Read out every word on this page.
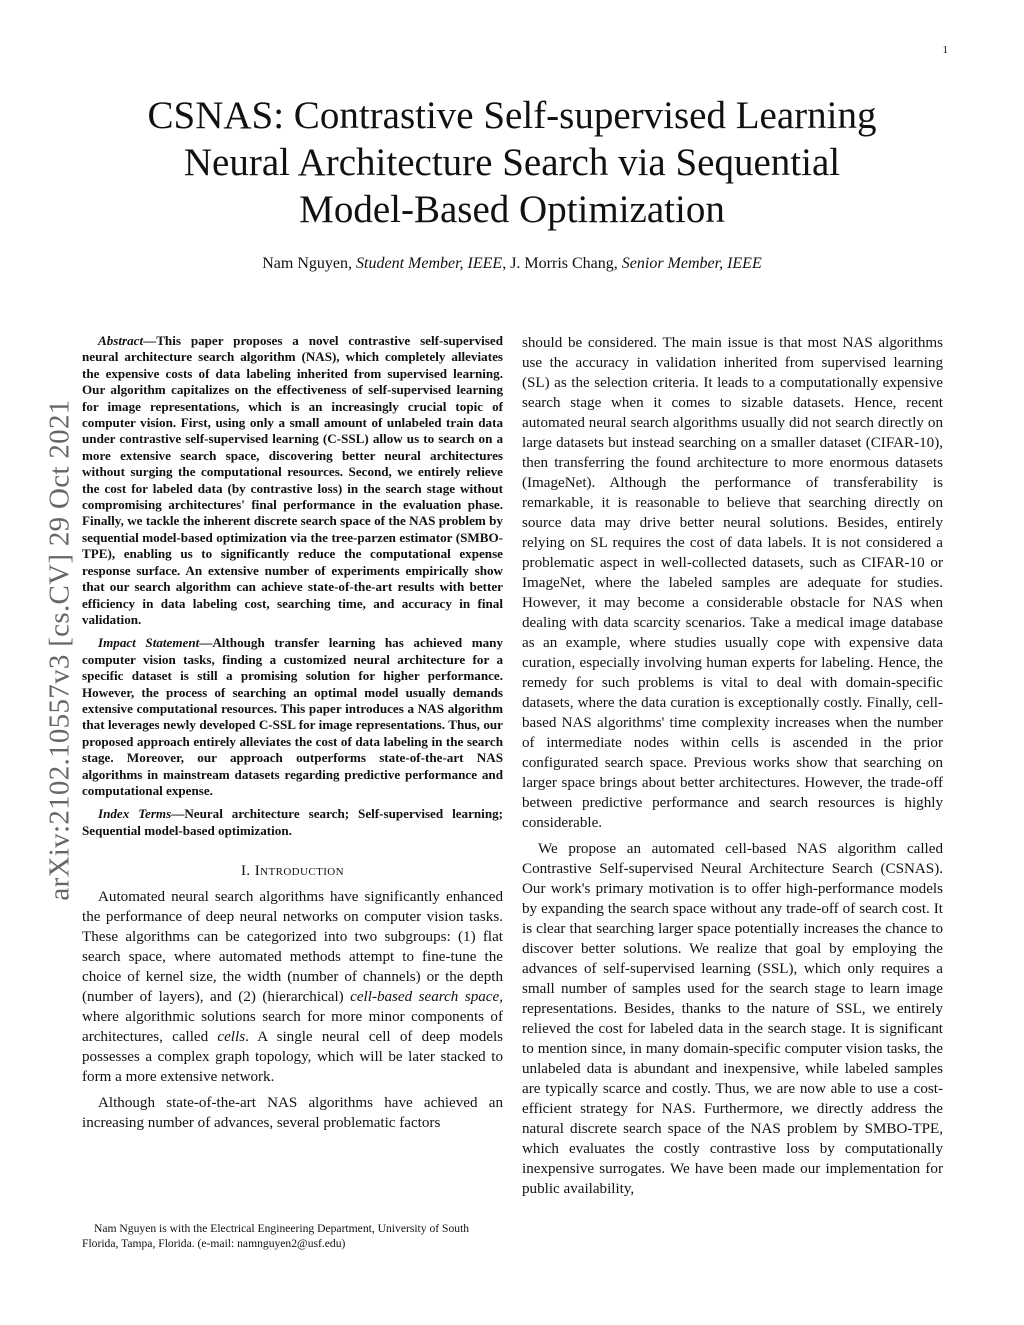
1
arXiv:2102.10557v3 [cs.CV] 29 Oct 2021
CSNAS: Contrastive Self-supervised Learning Neural Architecture Search via Sequential Model-Based Optimization
Nam Nguyen, Student Member, IEEE, J. Morris Chang, Senior Member, IEEE

Abstract—This paper proposes a novel contrastive self-supervised neural architecture search algorithm (NAS), which completely alleviates the expensive costs of data labeling inherited from supervised learning. Our algorithm capitalizes on the effectiveness of self-supervised learning for image representations, which is an increasingly crucial topic of computer vision. First, using only a small amount of unlabeled train data under contrastive self-supervised learning (C-SSL) allow us to search on a more extensive search space, discovering better neural architectures without surging the computational resources. Second, we entirely relieve the cost for labeled data (by contrastive loss) in the search stage without compromising architectures' final performance in the evaluation phase. Finally, we tackle the inherent discrete search space of the NAS problem by sequential model-based optimization via the tree-parzen estimator (SMBO-TPE), enabling us to significantly reduce the computational expense response surface. An extensive number of experiments empirically show that our search algorithm can achieve state-of-the-art results with better efficiency in data labeling cost, searching time, and accuracy in final validation.

Impact Statement—Although transfer learning has achieved many computer vision tasks, finding a customized neural architecture for a specific dataset is still a promising solution for higher performance. However, the process of searching an optimal model usually demands extensive computational resources. This paper introduces a NAS algorithm that leverages newly developed C-SSL for image representations. Thus, our proposed approach entirely alleviates the cost of data labeling in the search stage. Moreover, our approach outperforms state-of-the-art NAS algorithms in mainstream datasets regarding predictive performance and computational expense.

Index Terms—Neural architecture search; Self-supervised learning; Sequential model-based optimization.

I. Introduction

Automated neural search algorithms have significantly enhanced the performance of deep neural networks on computer vision tasks. These algorithms can be categorized into two subgroups: (1) flat search space, where automated methods attempt to fine-tune the choice of kernel size, the width (number of channels) or the depth (number of layers), and (2) (hierarchical) cell-based search space, where algorithmic solutions search for more minor components of architectures, called cells. A single neural cell of deep models possesses a complex graph topology, which will be later stacked to form a more extensive network.

Although state-of-the-art NAS algorithms have achieved an increasing number of advances, several problematic factors

Nam Nguyen is with the Electrical Engineering Department, University of South Florida, Tampa, Florida. (e-mail: namnguyen2@usf.edu)

should be considered. The main issue is that most NAS algorithms use the accuracy in validation inherited from supervised learning (SL) as the selection criteria. It leads to a computationally expensive search stage when it comes to sizable datasets. Hence, recent automated neural search algorithms usually did not search directly on large datasets but instead searching on a smaller dataset (CIFAR-10), then transferring the found architecture to more enormous datasets (ImageNet). Although the performance of transferability is remarkable, it is reasonable to believe that searching directly on source data may drive better neural solutions. Besides, entirely relying on SL requires the cost of data labels. It is not considered a problematic aspect in well-collected datasets, such as CIFAR-10 or ImageNet, where the labeled samples are adequate for studies. However, it may become a considerable obstacle for NAS when dealing with data scarcity scenarios. Take a medical image database as an example, where studies usually cope with expensive data curation, especially involving human experts for labeling. Hence, the remedy for such problems is vital to deal with domain-specific datasets, where the data curation is exceptionally costly. Finally, cell-based NAS algorithms' time complexity increases when the number of intermediate nodes within cells is ascended in the prior configurated search space. Previous works show that searching on larger space brings about better architectures. However, the trade-off between predictive performance and search resources is highly considerable.

We propose an automated cell-based NAS algorithm called Contrastive Self-supervised Neural Architecture Search (CSNAS). Our work's primary motivation is to offer high-performance models by expanding the search space without any trade-off of search cost. It is clear that searching larger space potentially increases the chance to discover better solutions. We realize that goal by employing the advances of self-supervised learning (SSL), which only requires a small number of samples used for the search stage to learn image representations. Besides, thanks to the nature of SSL, we entirely relieved the cost for labeled data in the search stage. It is significant to mention since, in many domain-specific computer vision tasks, the unlabeled data is abundant and inexpensive, while labeled samples are typically scarce and costly. Thus, we are now able to use a cost-efficient strategy for NAS. Furthermore, we directly address the natural discrete search space of the NAS problem by SMBO-TPE, which evaluates the costly contrastive loss by computationally inexpensive surrogates. We have been made our implementation for public availability,
